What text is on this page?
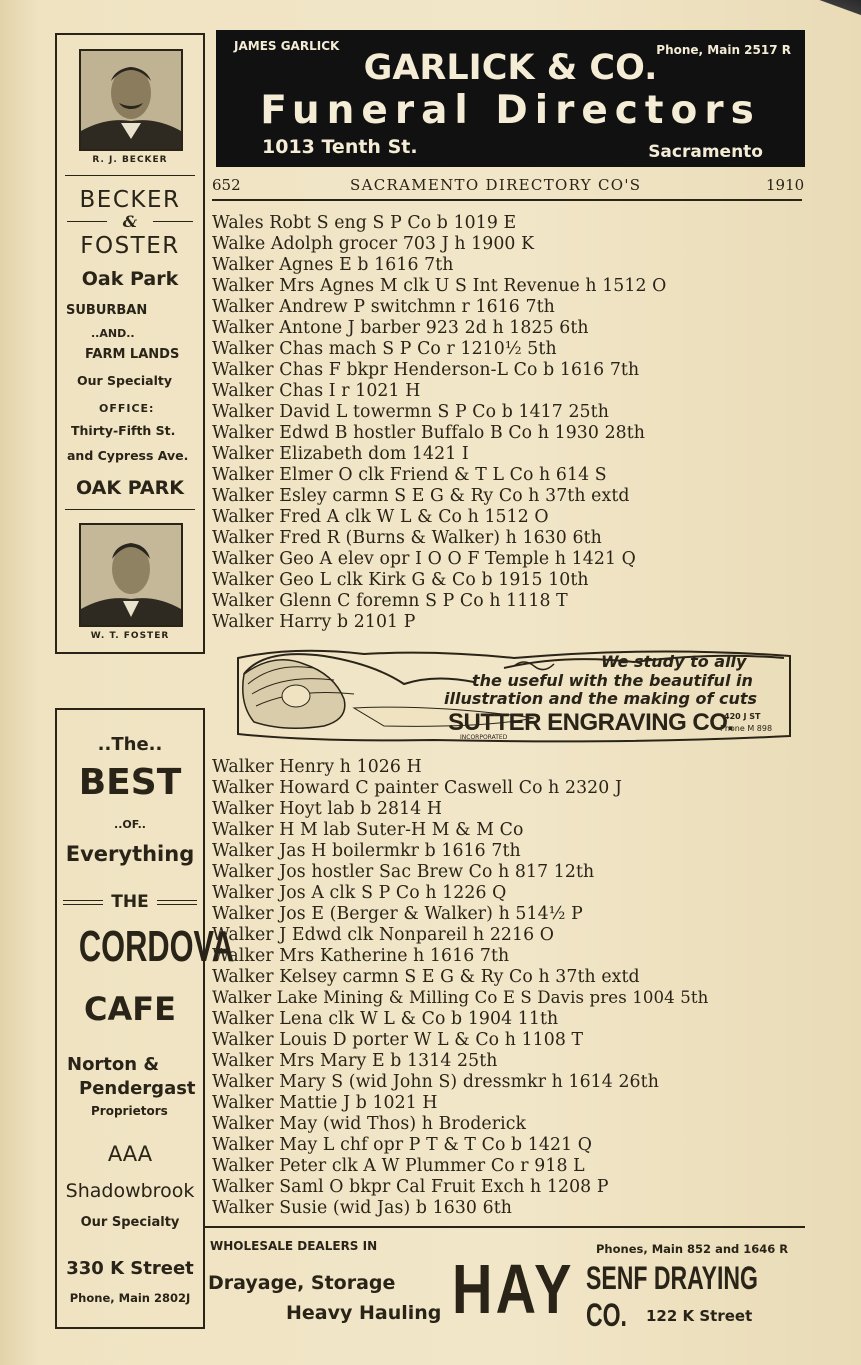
JAMES GARLICK	Phone, Main 2517 R
GARLICK & CO.
Funeral Directors
1013 Tenth St.	Sacramento
652	SACRAMENTO DIRECTORY CO'S	1910
R. J. BECKER
BECKER
&
FOSTER
Oak Park
SUBURBAN
..AND..
FARM LANDS
Our Specialty
OFFICE:
Thirty-Fifth St.
and Cypress Ave.
OAK PARK
W. T. FOSTER
..The..
BEST
..OF..
Everything
THE
CORDOVA
CAFE
Norton &
Pendergast
Proprietors
AAA
Shadowbrook
Our Specialty
330 K Street
Phone, Main 2802J
Wales Robt S eng S P Co b 1019 E
Walke Adolph grocer 703 J h 1900 K
Walker Agnes E b 1616 7th
Walker Mrs Agnes M clk U S Int Revenue h 1512 O
Walker Andrew P switchmn r 1616 7th
Walker Antone J barber 923 2d h 1825 6th
Walker Chas mach S P Co r 1210½ 5th
Walker Chas F bkpr Henderson-L Co b 1616 7th
Walker Chas I r 1021 H
Walker David L towermn S P Co b 1417 25th
Walker Edwd B hostler Buffalo B Co h 1930 28th
Walker Elizabeth dom 1421 I
Walker Elmer O clk Friend & T L Co h 614 S
Walker Esley carmn S E G & Ry Co h 37th extd
Walker Fred A clk W L & Co h 1512 O
Walker Fred R (Burns & Walker) h 1630 6th
Walker Geo A elev opr I O O F Temple h 1421 Q
Walker Geo L clk Kirk G & Co b 1915 10th
Walker Glenn C foremn S P Co h 1118 T
Walker Harry b 2101 P
We study to ally
the useful with the beautiful in
illustration and the making of cuts
SUTTER ENGRAVING CO.
420 J ST
Phone M 898
INCORPORATED
Walker Henry h 1026 H
Walker Howard C painter Caswell Co h 2320 J
Walker Hoyt lab b 2814 H
Walker H M lab Suter-H M & M Co
Walker Jas H boilermkr b 1616 7th
Walker Jos hostler Sac Brew Co h 817 12th
Walker Jos A clk S P Co h 1226 Q
Walker Jos E (Berger & Walker) h 514½ P
Walker J Edwd clk Nonpareil h 2216 O
Walker Mrs Katherine h 1616 7th
Walker Kelsey carmn S E G & Ry Co h 37th extd
Walker Lake Mining & Milling Co E S Davis pres 1004 5th
Walker Lena clk W L & Co b 1904 11th
Walker Louis D porter W L & Co h 1108 T
Walker Mrs Mary E b 1314 25th
Walker Mary S (wid John S) dressmkr h 1614 26th
Walker Mattie J b 1021 H
Walker May (wid Thos) h Broderick
Walker May L chf opr P T & T Co b 1421 Q
Walker Peter clk A W Plummer Co r 918 L
Walker Saml O bkpr Cal Fruit Exch h 1208 P
Walker Susie (wid Jas) b 1630 6th
WHOLESALE DEALERS IN
Drayage, Storage
Heavy Hauling HAY
Phones, Main 852 and 1646 R
SENF DRAYING CO.	122 K Street
